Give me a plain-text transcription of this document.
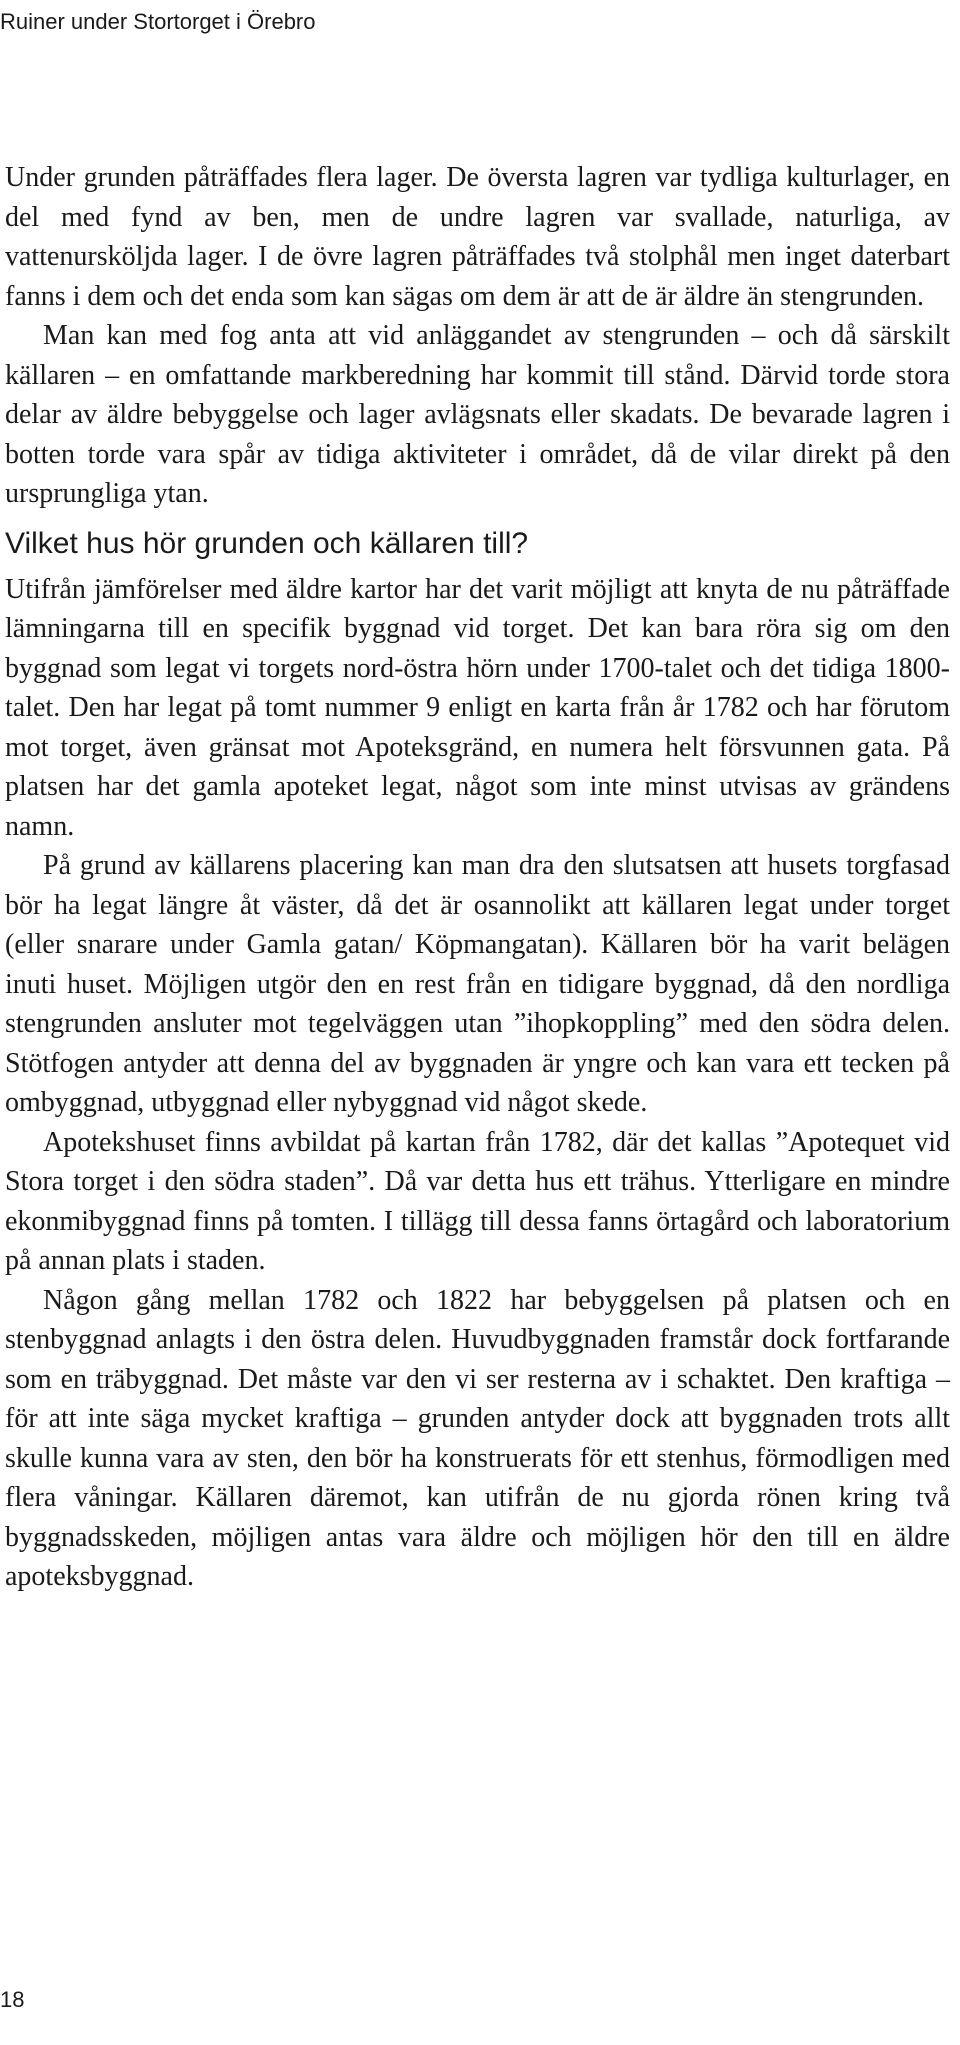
Ruiner under Stortorget i Örebro

Under grunden påträffades flera lager. De översta lagren var tydliga kulturlager, en del med fynd av ben, men de undre lagren var svallade, naturliga, av vattenursköljda lager. I de övre lagren påträffades två stolphål men inget daterbart fanns i dem och det enda som kan sägas om dem är att de är äldre än stengrunden.

Man kan med fog anta att vid anläggandet av stengrunden – och då särskilt källaren – en omfattande markberedning har kommit till stånd. Därvid torde stora delar av äldre bebyggelse och lager avlägsnats eller skadats. De bevarade lagren i botten torde vara spår av tidiga aktiviteter i området, då de vilar direkt på den ursprungliga ytan.

Vilket hus hör grunden och källaren till?

Utifrån jämförelser med äldre kartor har det varit möjligt att knyta de nu påträffade lämningarna till en specifik byggnad vid torget. Det kan bara röra sig om den byggnad som legat vi torgets nord-östra hörn under 1700-talet och det tidiga 1800-talet. Den har legat på tomt nummer 9 enligt en karta från år 1782 och har förutom mot torget, även gränsat mot Apoteksgränd, en numera helt försvunnen gata. På platsen har det gamla apoteket legat, något som inte minst utvisas av grändens namn.

På grund av källarens placering kan man dra den slutsatsen att husets torgfasad bör ha legat längre åt väster, då det är osannolikt att källaren legat under torget (eller snarare under Gamla gatan/ Köpmangatan). Källaren bör ha varit belägen inuti huset. Möjligen utgör den en rest från en tidigare byggnad, då den nordliga stengrunden ansluter mot tegelväggen utan ”ihopkoppling” med den södra delen. Stötfogen antyder att denna del av byggnaden är yngre och kan vara ett tecken på ombyggnad, utbyggnad eller nybyggnad vid något skede.

Apotekshuset finns avbildat på kartan från 1782, där det kallas ”Apotequet vid Stora torget i den södra staden”. Då var detta hus ett trähus. Ytterligare en mindre ekonmibyggnad finns på tomten. I tillägg till dessa fanns örtagård och laboratorium på annan plats i staden.

Någon gång mellan 1782 och 1822 har bebyggelsen på platsen och en stenbyggnad anlagts i den östra delen. Huvudbyggnaden framstår dock fortfarande som en träbyggnad. Det måste var den vi ser resterna av i schaktet. Den kraftiga – för att inte säga mycket kraftiga – grunden antyder dock att byggnaden trots allt skulle kunna vara av sten, den bör ha konstruerats för ett stenhus, förmodligen med flera våningar. Källaren däremot, kan utifrån de nu gjorda rönen kring två byggnadsskeden, möjligen antas vara äldre och möjligen hör den till en äldre apoteksbyggnad.

18
